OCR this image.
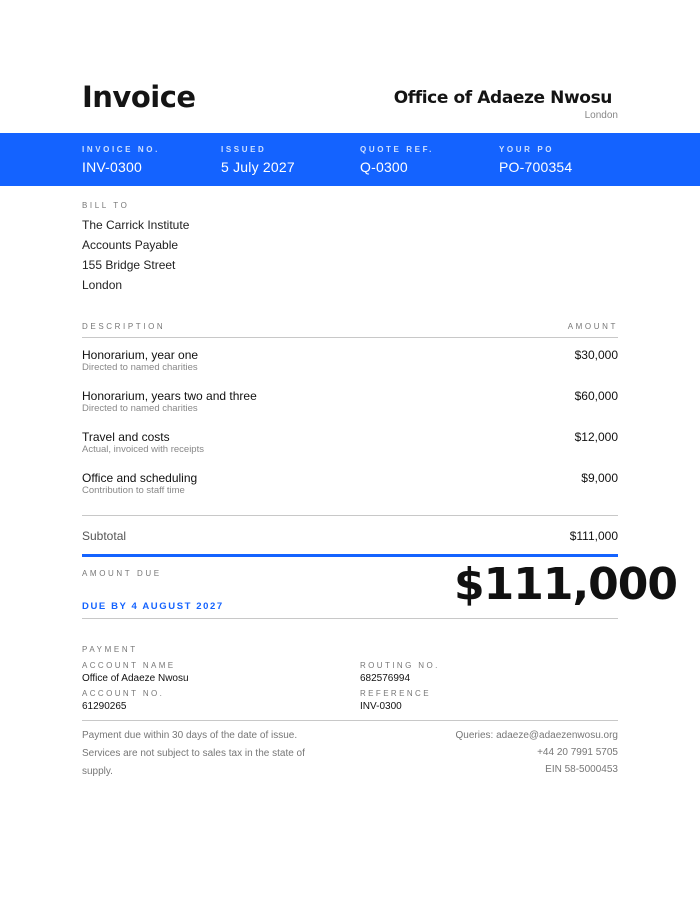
Invoice	Office of Adaeze Nwosu
London
INVOICE NO.
INV-0300
ISSUED
5 July 2027
QUOTE REF.
Q-0300
YOUR PO
PO-700354
BILL TO
The Carrick Institute
Accounts Payable
155 Bridge Street
London
DESCRIPTION	AMOUNT
Honorarium, year one
Directed to named charities
$30,000
Honorarium, years two and three
Directed to named charities
$60,000
Travel and costs
Actual, invoiced with receipts
$12,000
Office and scheduling
Contribution to staff time
$9,000
Subtotal	$111,000
AMOUNT DUE
DUE BY 4 AUGUST 2027	$111,000
PAYMENT
ACCOUNT NAME
Office of Adaeze Nwosu
ACCOUNT NO.
61290265
ROUTING NO.
682576994
REFERENCE
INV-0300
Payment due within 30 days of the date of issue.
Services are not subject to sales tax in the state of
supply.
Queries: adaeze@adaezenwosu.org
+44 20 7991 5705
EIN 58-5000453
